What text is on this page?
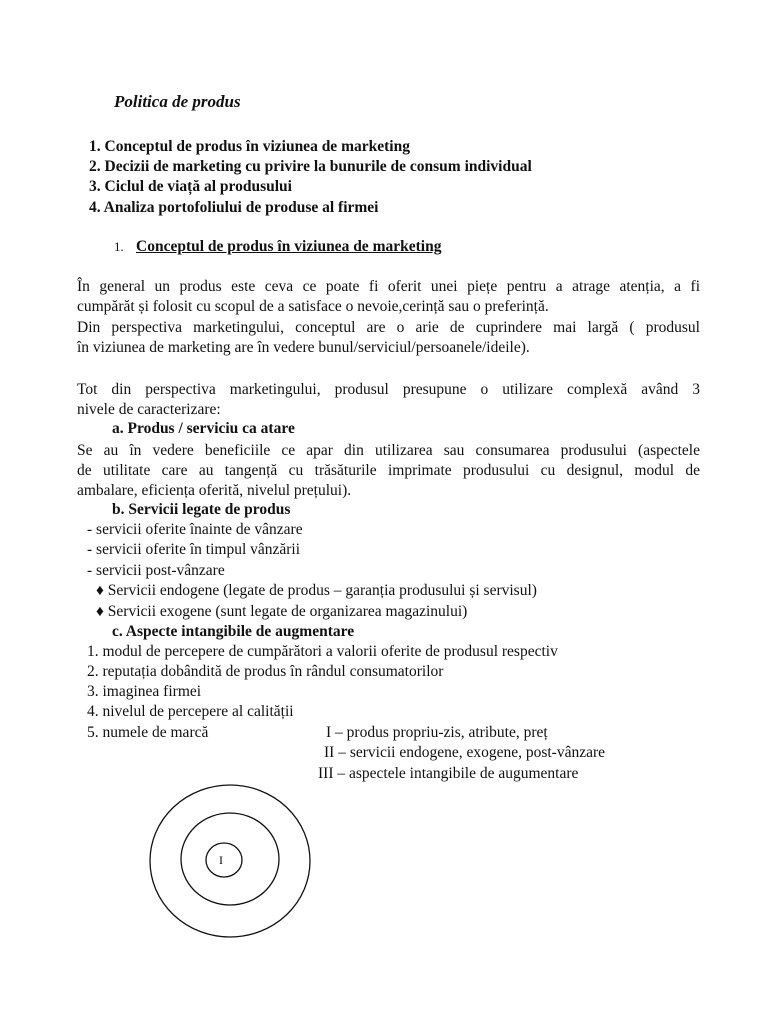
Politica de produs
1. Conceptul de produs în viziunea de marketing
2. Decizii de marketing cu privire la bunurile de consum individual
3. Ciclul de viață al produsului
4. Analiza portofoliului de produse al firmei
1. Conceptul de produs în viziunea de marketing
În general un produs este ceva ce poate fi oferit unei piețe pentru a atrage atenția, a fi
cumpărăt și folosit cu scopul de a satisface o nevoie,cerință sau o preferință.
Din perspectiva marketingului, conceptul are o arie de cuprindere mai largă ( produsul
în viziunea de marketing are în vedere bunul/serviciul/persoanele/ideile).
Tot din perspectiva marketingului, produsul presupune o utilizare complexă având 3
nivele de caracterizare:
a. Produs / serviciu ca atare
Se au în vedere beneficiile ce apar din utilizarea sau consumarea produsului (aspectele
de utilitate care au tangență cu trăsăturile imprimate produsului cu designul, modul de
ambalare, eficiența oferită, nivelul prețului).
b. Servicii legate de produs
- servicii oferite înainte de vânzare
- servicii oferite în timpul vânzării
- servicii post-vânzare
♦ Servicii endogene (legate de produs – garanția produsului și servisul)
♦ Servicii exogene (sunt legate de organizarea magazinului)
c. Aspecte intangibile de augmentare
1. modul de percepere de cumpărători a valorii oferite de produsul respectiv
2. reputația dobândită de produs în rândul consumatorilor
3. imaginea firmei
4. nivelul de percepere al calității
5. numele de marcă	I – produs propriu-zis, atribute, preț
II – servicii endogene, exogene, post-vânzare
III – aspectele intangibile de augumentare
I
